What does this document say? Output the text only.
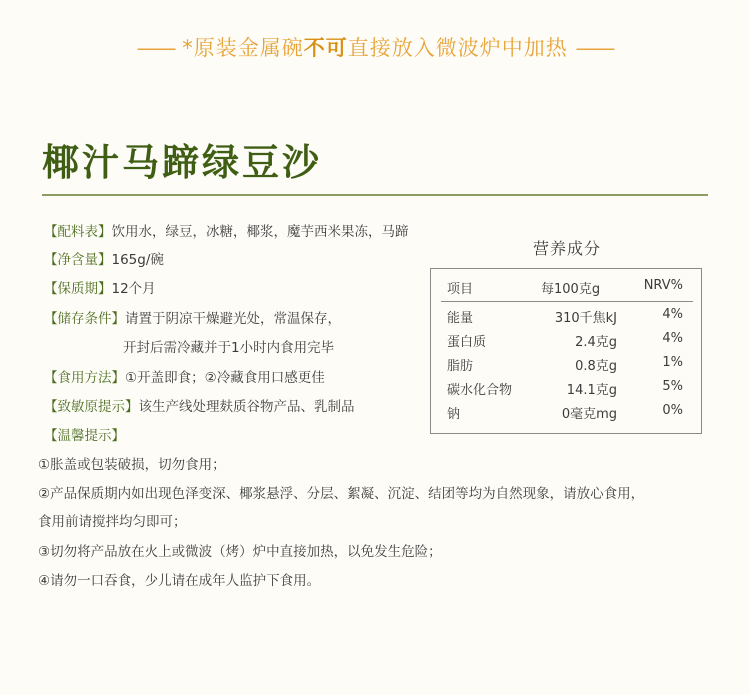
—— *原装金属碗不可直接放入微波炉中加热 ——
椰汁马蹄绿豆沙
【配料表】饮用水，绿豆，冰糖，椰浆，魔芋西米果冻，马蹄
【净含量】165g/碗
【保质期】12个月
【储存条件】请置于阴凉干燥避光处，常温保存，
开封后需冷藏并于1小时内食用完毕
【食用方法】①开盖即食；②冷藏食用口感更佳
【致敏原提示】该生产线处理麸质谷物产品、乳制品
【温馨提示】
①胀盖或包装破损，切勿食用；
②产品保质期内如出现色泽变深、椰浆悬浮、分层、絮凝、沉淀、结团等均为自然现象，请放心食用，
食用前请搅拌均匀即可；
③切勿将产品放在火上或微波（烤）炉中直接加热，以免发生危险；
④请勿一口吞食，少儿请在成年人监护下食用。
营养成分
项目	每100克g	NRV%
能量	310千焦kJ	4%
蛋白质	2.4克g	4%
脂肪	0.8克g	1%
碳水化合物	14.1克g	5%
钠	0毫克mg	0%
